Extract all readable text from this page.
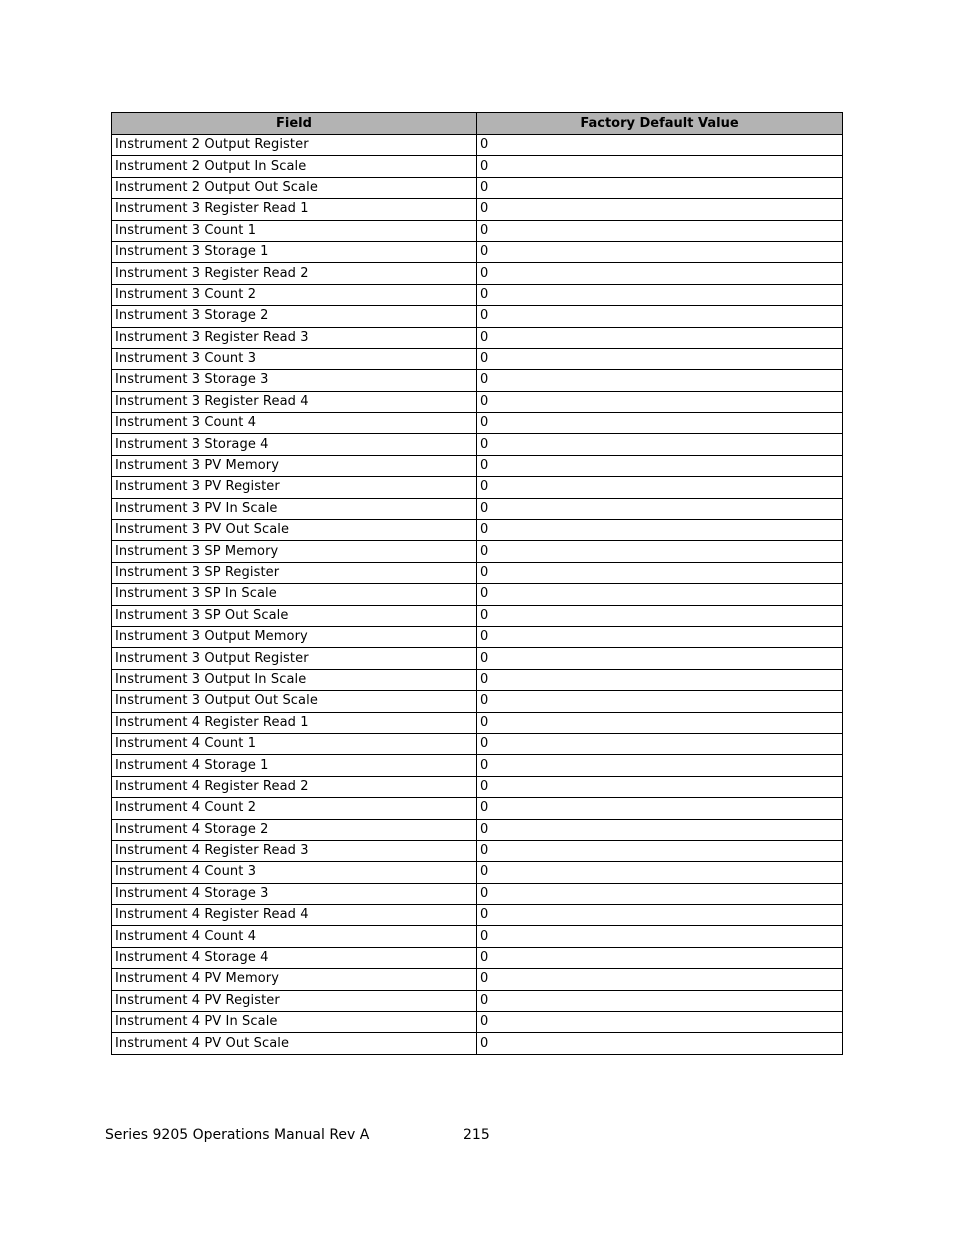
Field	Factory Default Value
Instrument 2 Output Register	0
Instrument 2 Output In Scale	0
Instrument 2 Output Out Scale	0
Instrument 3 Register Read 1	0
Instrument 3 Count 1	0
Instrument 3 Storage 1	0
Instrument 3 Register Read 2	0
Instrument 3 Count 2	0
Instrument 3 Storage 2	0
Instrument 3 Register Read 3	0
Instrument 3 Count 3	0
Instrument 3 Storage 3	0
Instrument 3 Register Read 4	0
Instrument 3 Count 4	0
Instrument 3 Storage 4	0
Instrument 3 PV Memory	0
Instrument 3 PV Register	0
Instrument 3 PV In Scale	0
Instrument 3 PV Out Scale	0
Instrument 3 SP Memory	0
Instrument 3 SP Register	0
Instrument 3 SP In Scale	0
Instrument 3 SP Out Scale	0
Instrument 3 Output Memory	0
Instrument 3 Output Register	0
Instrument 3 Output In Scale	0
Instrument 3 Output Out Scale	0
Instrument 4 Register Read 1	0
Instrument 4 Count 1	0
Instrument 4 Storage 1	0
Instrument 4 Register Read 2	0
Instrument 4 Count 2	0
Instrument 4 Storage 2	0
Instrument 4 Register Read 3	0
Instrument 4 Count 3	0
Instrument 4 Storage 3	0
Instrument 4 Register Read 4	0
Instrument 4 Count 4	0
Instrument 4 Storage 4	0
Instrument 4 PV Memory	0
Instrument 4 PV Register	0
Instrument 4 PV In Scale	0
Instrument 4 PV Out Scale	0
Series 9205 Operations Manual Rev A	215
